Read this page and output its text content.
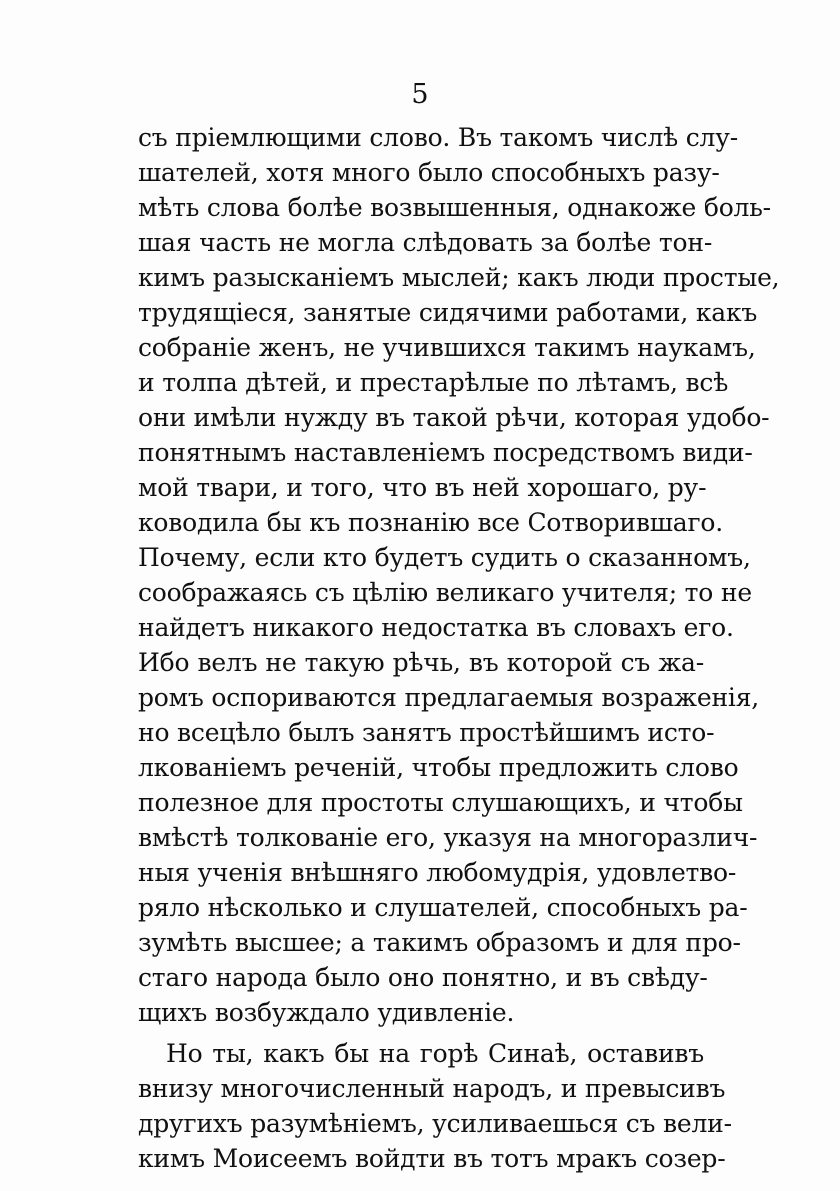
5
съ пріемлющими слово. Въ такомъ числѣ слу-
шателей, хотя много было способныхъ разу-
мѣть слова болѣе возвышенныя, однакоже боль-
шая часть не могла слѣдовать за болѣе тон-
кимъ разысканіемъ мыслей; какъ люди простые,
трудящіеся, занятые сидячими работами, какъ
собраніе женъ, не учившихся такимъ наукамъ,
и толпа дѣтей, и престарѣлые по лѣтамъ, всѣ
они имѣли нужду въ такой рѣчи, которая удобо-
понятнымъ наставленіемъ посредствомъ види-
мой твари, и того, что въ ней хорошаго, ру-
ководила бы къ познанію все Сотворившаго.
Почему, если кто будетъ судить о сказанномъ,
соображаясь съ цѣлію великаго учителя; то не
найдетъ никакого недостатка въ словахъ его.
Ибо велъ не такую рѣчь, въ которой съ жа-
ромъ оспориваются предлагаемыя возраженія,
но всецѣло былъ занятъ простѣйшимъ исто-
лкованіемъ реченій, чтобы предложить слово
полезное для простоты слушающихъ, и чтобы
вмѣстѣ толкованіе его, указуя на многоразлич-
ныя ученія внѣшняго любомудрія, удовлетво-
ряло нѣсколько и слушателей, способныхъ ра-
зумѣть высшее; а такимъ образомъ и для про-
стаго народа было оно понятно, и въ свѣду-
щихъ возбуждало удивленіе.
Но ты, какъ бы на горѣ Синаѣ, оставивъ
внизу многочисленный народъ, и превысивъ
другихъ разумѣніемъ, усиливаешься съ вели-
кимъ Моисеемъ войдти въ тотъ мракъ созер-
